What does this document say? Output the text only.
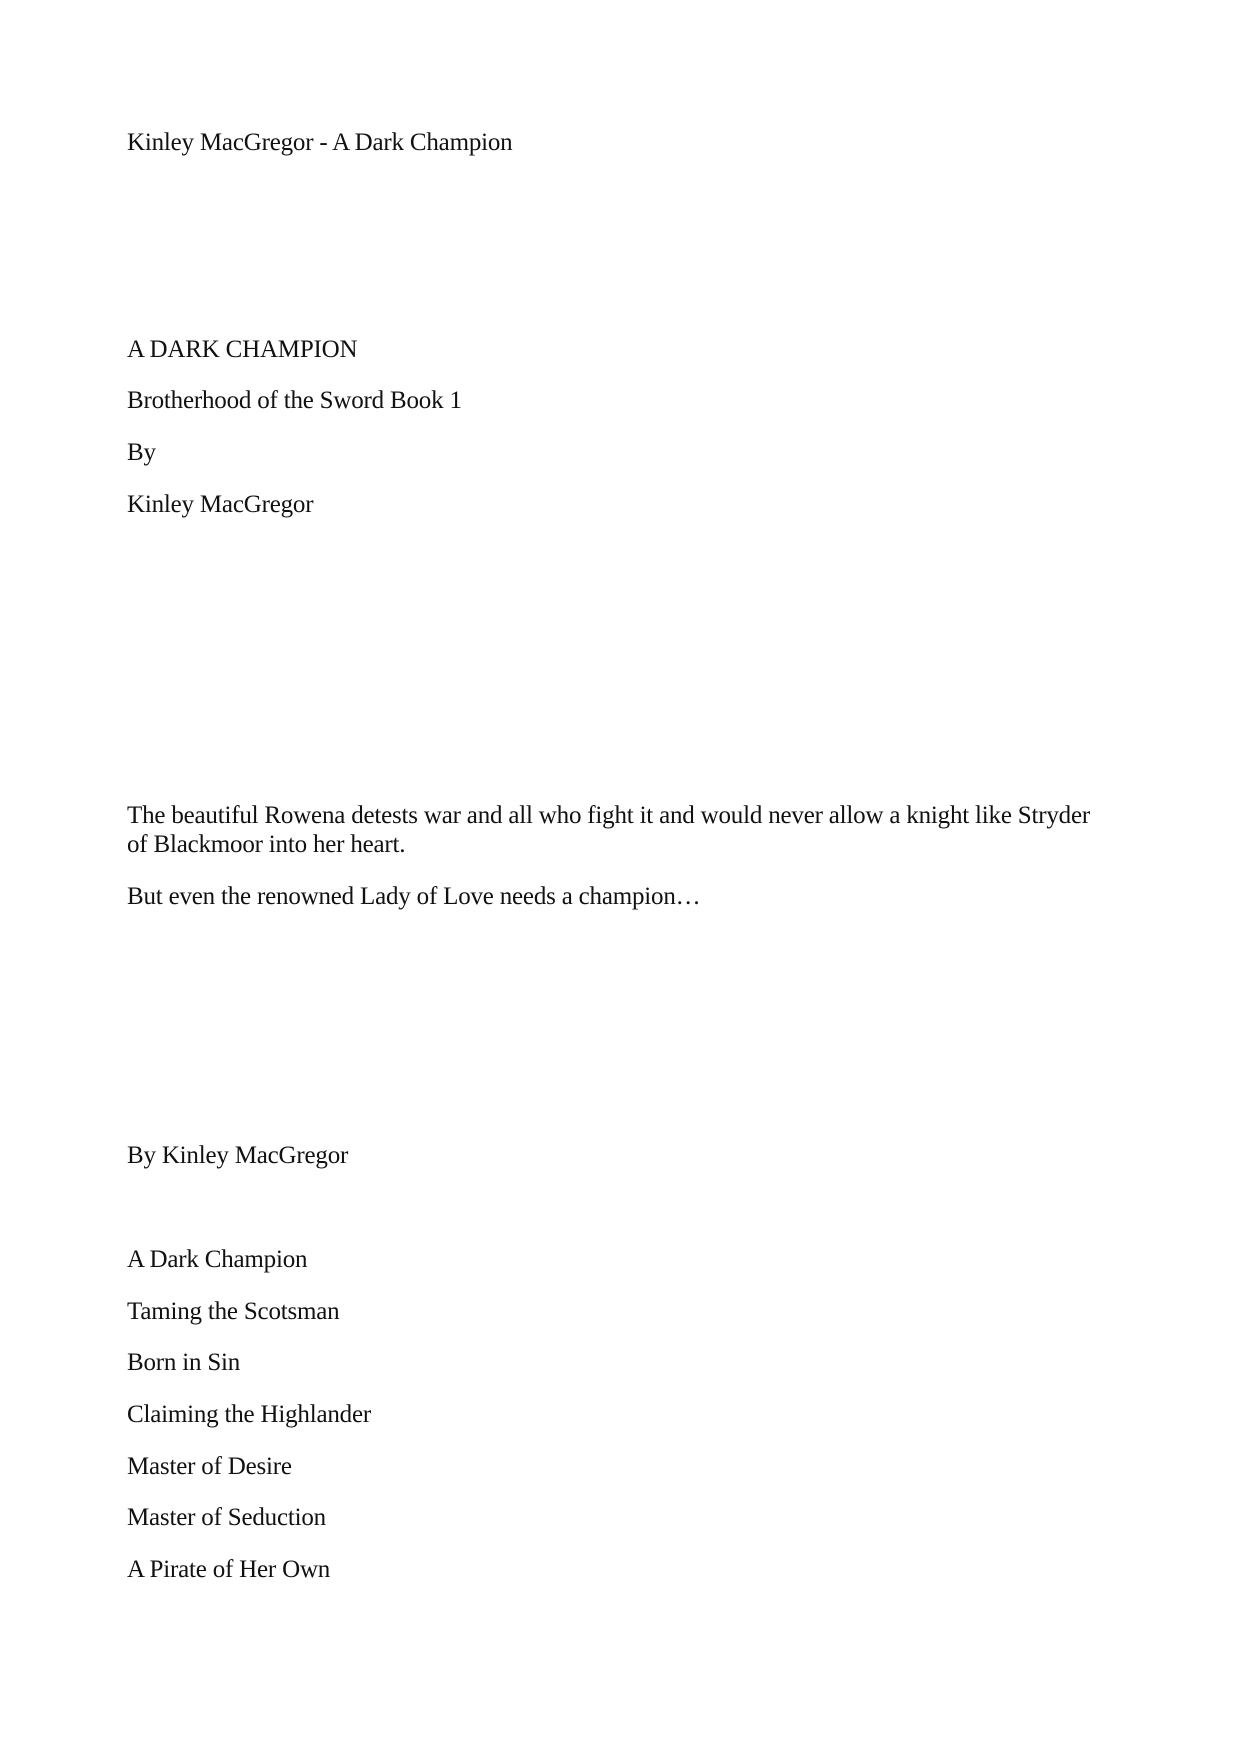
Kinley MacGregor - A Dark Champion

A DARK CHAMPION

Brotherhood of the Sword Book 1

By

Kinley MacGregor

The beautiful Rowena detests war and all who fight it and would never allow a knight like Stryder of Blackmoor into her heart.

But even the renowned Lady of Love needs a champion…

By Kinley MacGregor

A Dark Champion

Taming the Scotsman

Born in Sin

Claiming the Highlander

Master of Desire

Master of Seduction

A Pirate of Her Own
